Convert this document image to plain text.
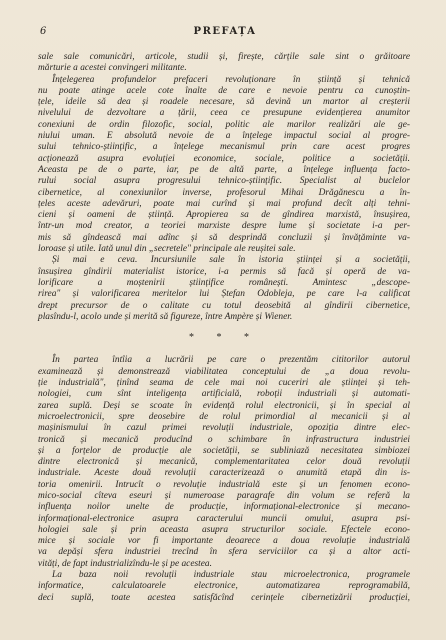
6	PREFAȚA

sale sale comunicări, articole, studii și, firește, cărțile sale sint o grăitoare

mărturie a acestei convingeri militante.

Înțelegerea profundelor prefaceri revoluționare în știință și tehnică

nu poate atinge acele cote înalte de care e nevoie pentru ca cunoștin-

țele, ideile să dea și roadele necesare, să devină un martor al creșterii

nivelului de dezvoltare a țării, ceea ce presupune evidențierea anumitor

conexiuni de ordin filozofic, social, politic ale marilor realizări ale ge-

niului uman. E absolută nevoie de a înțelege impactul social al progre-

sului tehnico-științific, a înțelege mecanismul prin care acest progres

acționează asupra evoluției economice, sociale, politice a societății.

Aceasta pe de o parte, iar, pe de altă parte, a înțelege influența facto-

rului social asupra progresului tehnico-științific. Specialist al buclelor

cibernetice, al conexiunilor inverse, profesorul Mihai Drăgănescu a în-

țeles aceste adevăruri, poate mai curînd și mai profund decît alți tehni-

cieni și oameni de știință. Apropierea sa de gîndirea marxistă, însușirea,

într-un mod creator, a teoriei marxiste despre lume și societate i-a per-

mis să gîndească mai adînc și să desprindă concluzii și învățăminte va-

loroase și utile. Iată unul din „secretele" principale ale reușitei sale.

Și mai e ceva. Incursiunile sale în istoria științei și a societății,

însușirea gîndirii materialist istorice, i-a permis să facă și operă de va-

lorificare a moștenirii științifice românești. Amintesc „descope-

rirea" și valorificarea meritelor lui Ștefan Odobleja, pe care l-a calificat

drept precursor de o calitate cu totul deosebită al gîndirii cibernetice,

plasîndu-l, acolo unde și merită să figureze, între Ampère și Wiener.

* * *

În partea întîia a lucrării pe care o prezentăm cititorilor autorul

examinează și demonstrează viabilitatea conceptului de „a doua revolu-

ție industrială", ținînd seama de cele mai noi cuceriri ale științei și teh-

nologiei, cum sînt inteligența artificială, roboții industriali și automati-

zarea suplă. Deși se scoate în evidență rolul electronicii, și în special al

microelectronicii, spre deosebire de rolul primordial al mecanicii și al

mașinismului în cazul primei revoluții industriale, opoziția dintre elec-

tronică și mecanică producînd o schimbare în infrastructura industriei

și a forțelor de producție ale societății, se subliniază necesitatea simbiozei

dintre electronică și mecanică, complementaritatea celor două revoluții

industriale. Aceste două revoluții caracterizează o anumită etapă din is-

toria omenirii. Intrucît o revoluție industrială este și un fenomen econo-

mico-social cîteva eseuri și numeroase paragrafe din volum se referă la

influența noilor unelte de producție, informațional-electronice și mecano-

informațional-electronice asupra caracterului muncii omului, asupra psi-

hologiei sale și prin aceasta asupra structurilor sociale. Efectele econo-

mice și sociale vor fi importante deoarece a doua revoluție industrială

va depăși sfera industriei trecînd în sfera serviciilor ca și a altor acti-

vități, de fapt industrializîndu-le și pe acestea.

La baza noii revoluții industriale stau microelectronica, programele

informatice, calculatoarele electronice, automatizarea reprogramabilă,

deci suplă, toate acestea satisfăcînd cerințele cibernetizării producției,
